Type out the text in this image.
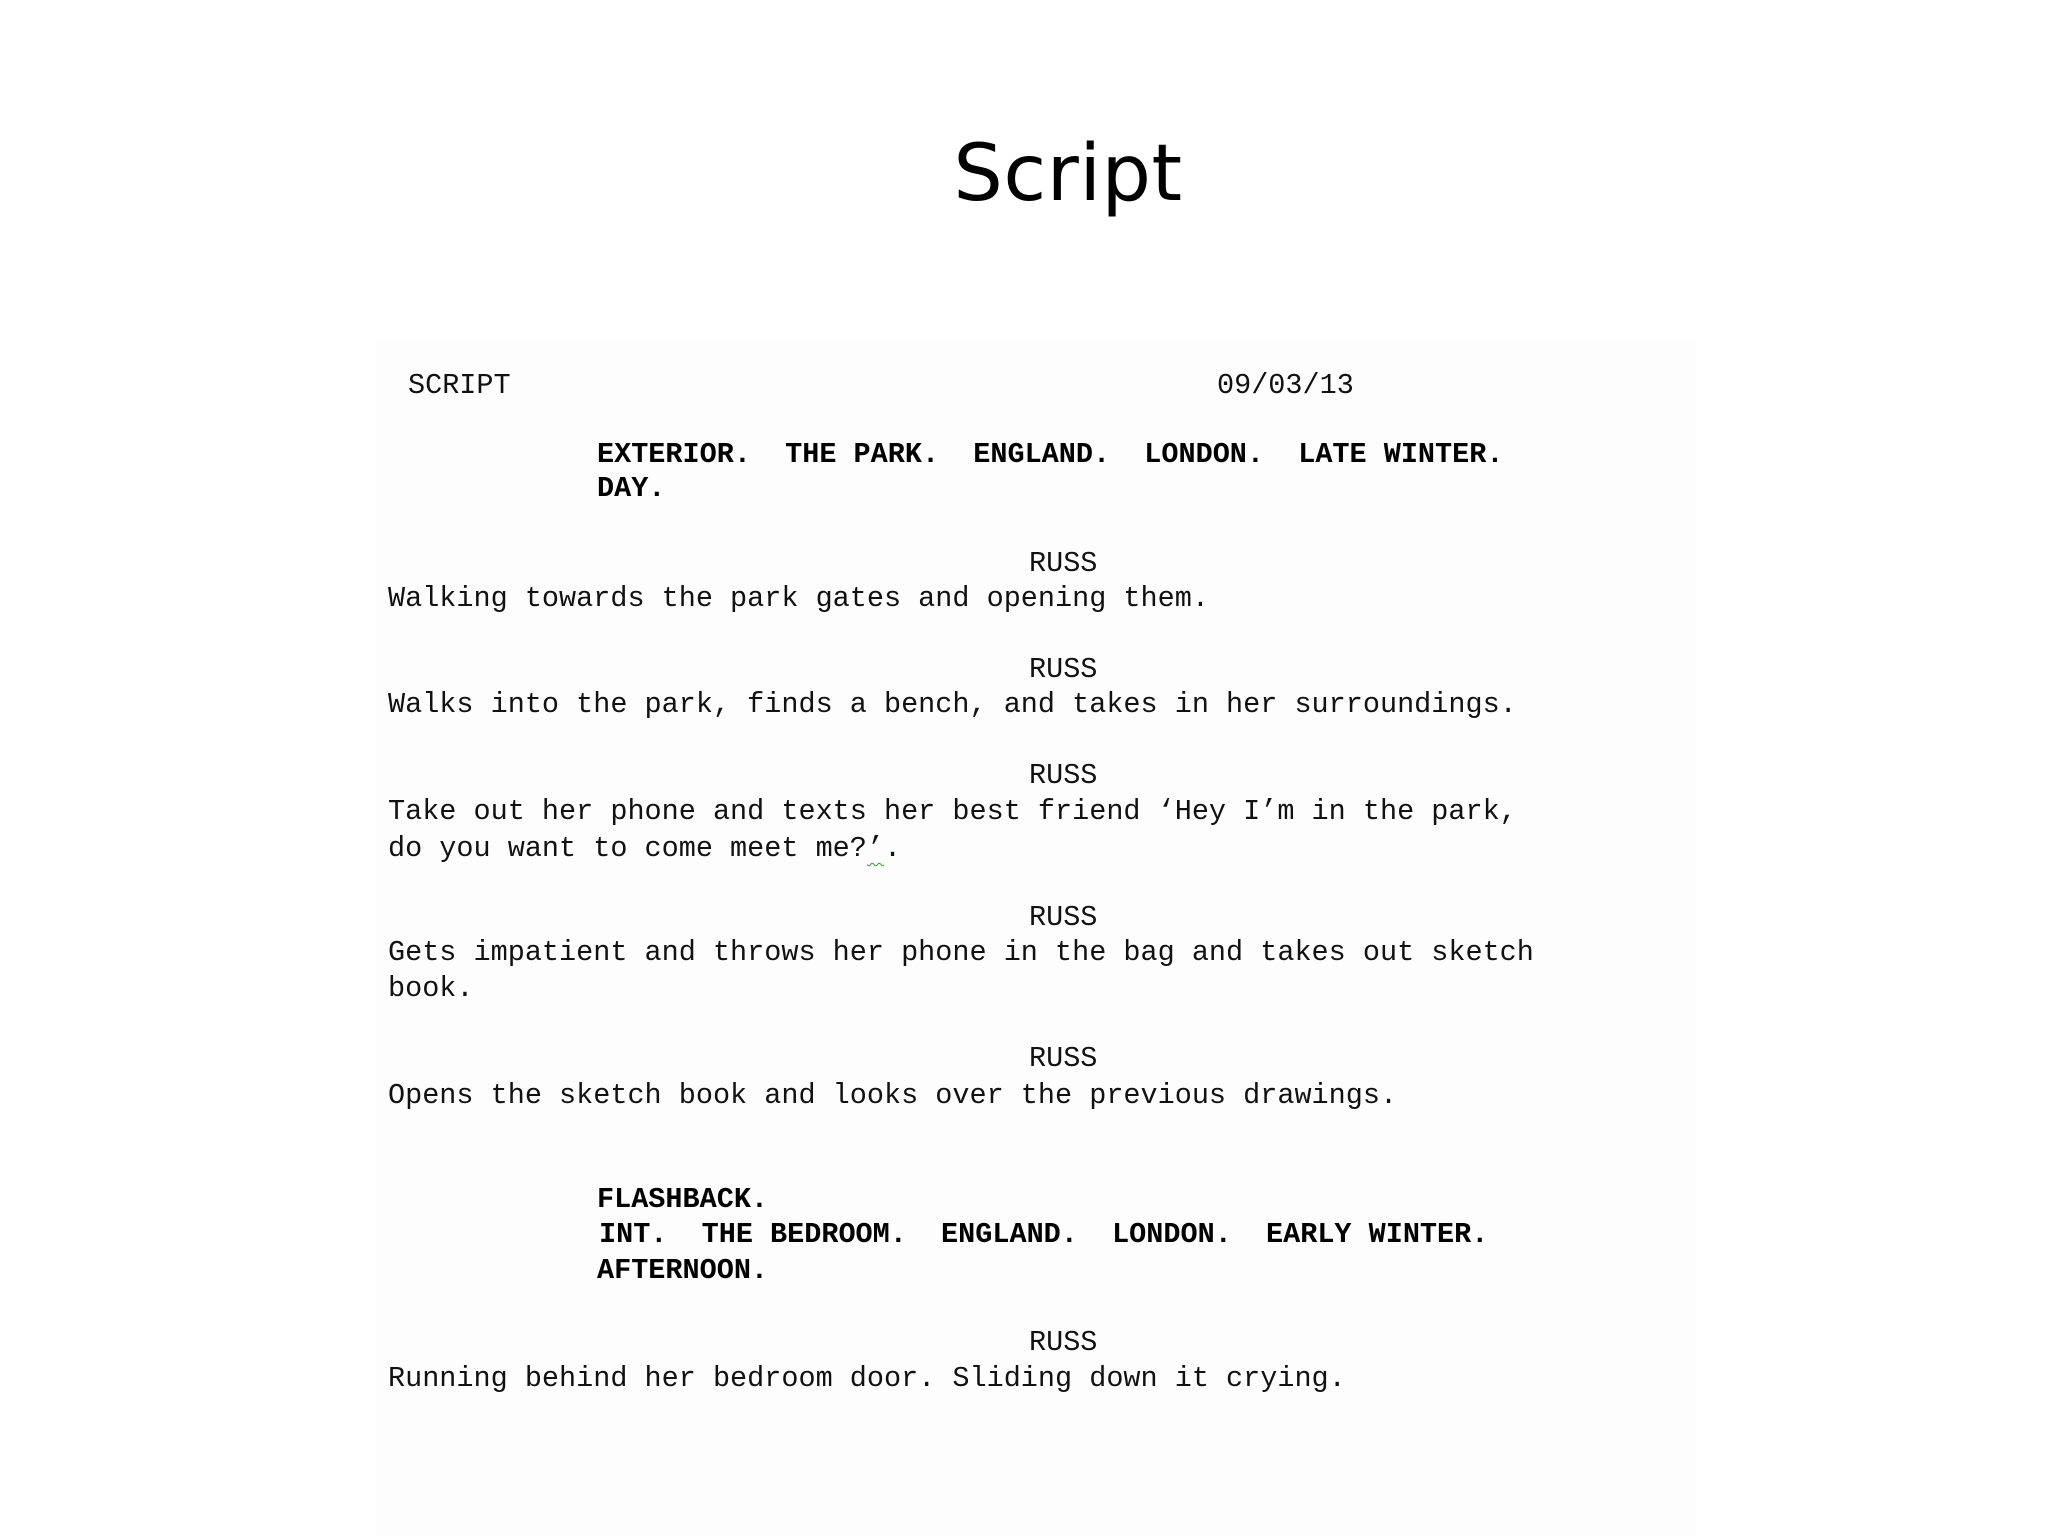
Script
SCRIPT	09/03/13
EXTERIOR.  THE PARK.  ENGLAND.  LONDON.  LATE WINTER.
DAY.
RUSS
Walking towards the park gates and opening them.
RUSS
Walks into the park, finds a bench, and takes in her surroundings.
RUSS
Take out her phone and texts her best friend ‘Hey I’m in the park,
do you want to come meet me?’.
RUSS
Gets impatient and throws her phone in the bag and takes out sketch
book.
RUSS
Opens the sketch book and looks over the previous drawings.
FLASHBACK.
INT.  THE BEDROOM.  ENGLAND.  LONDON.  EARLY WINTER.
AFTERNOON.
RUSS
Running behind her bedroom door. Sliding down it crying.
